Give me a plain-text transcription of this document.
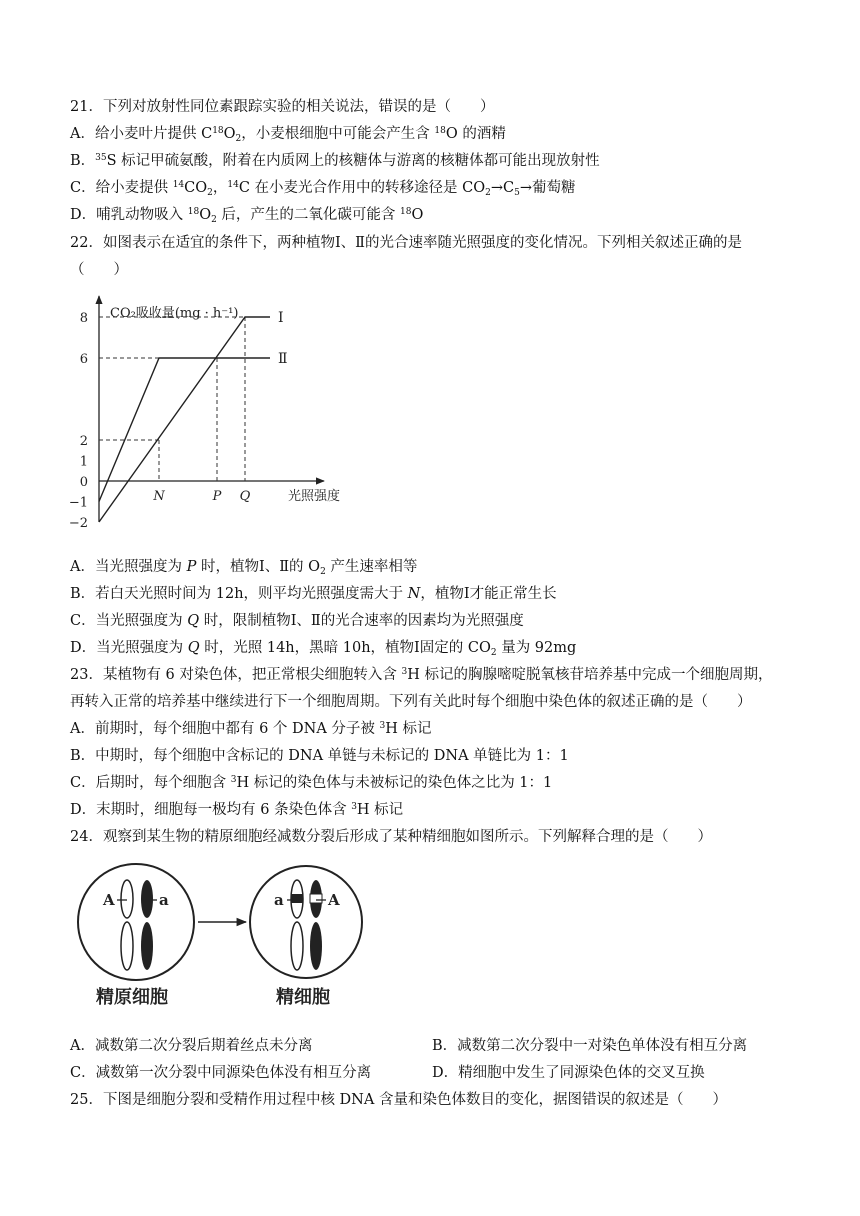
21．下列对放射性同位素跟踪实验的相关说法，错误的是（　　）
A．给小麦叶片提供 $C^{18}O_2$，小麦根细胞中可能会产生含 $^{18}$O 的酒精
B．$^{35}$S 标记甲硫氨酸，附着在内质网上的核糖体与游离的核糖体都可能出现放射性
C．给小麦提供 $^{14}CO_2$，$^{14}$C 在小麦光合作用中的转移途径是 $CO_2\to C_5\to$葡萄糖
D．哺乳动物吸入 $^{18}O_2$ 后，产生的二氧化碳可能含 $^{18}$O
22．如图表示在适宜的条件下，两种植物Ⅰ、Ⅱ的光合速率随光照强度的变化情况。下列相关叙述正确的是
（　　）
CO₂吸收量(mg · h⁻¹)
光照强度
8
6
2
1
0
−1
−2
N	P Q
Ⅰ
Ⅱ
A．当光照强度为 P 时，植物Ⅰ、Ⅱ的 $O_2$ 产生速率相等
B．若白天光照时间为 12h，则平均光照强度需大于 N，植物Ⅰ才能正常生长
C．当光照强度为 Q 时，限制植物Ⅰ、Ⅱ的光合速率的因素均为光照强度
D．当光照强度为 Q 时，光照 14h，黑暗 10h，植物Ⅰ固定的 $CO_2$ 量为 92mg
23．某植物有 6 对染色体，把正常根尖细胞转入含 $^3$H 标记的胸腺嘧啶脱氧核苷培养基中完成一个细胞周期，
再转入正常的培养基中继续进行下一个细胞周期。下列有关此时每个细胞中染色体的叙述正确的是（　　）
A．前期时，每个细胞中都有 6 个 DNA 分子被 $^3$H 标记
B．中期时，每个细胞中含标记的 DNA 单链与未标记的 DNA 单链比为 1：1
C．后期时，每个细胞含 $^3$H 标记的染色体与未被标记的染色体之比为 1：1
D．末期时，细胞每一极均有 6 条染色体含 $^3$H 标记
24．观察到某生物的精原细胞经减数分裂后形成了某种精细胞如图所示。下列解释合理的是（　　）
A	a	a	A
精原细胞	精细胞
A．减数第二次分裂后期着丝点未分离	B．减数第二次分裂中一对染色单体没有相互分离
C．减数第一次分裂中同源染色体没有相互分离	D．精细胞中发生了同源染色体的交叉互换
25．下图是细胞分裂和受精作用过程中核 DNA 含量和染色体数目的变化，据图错误的叙述是（　　）
